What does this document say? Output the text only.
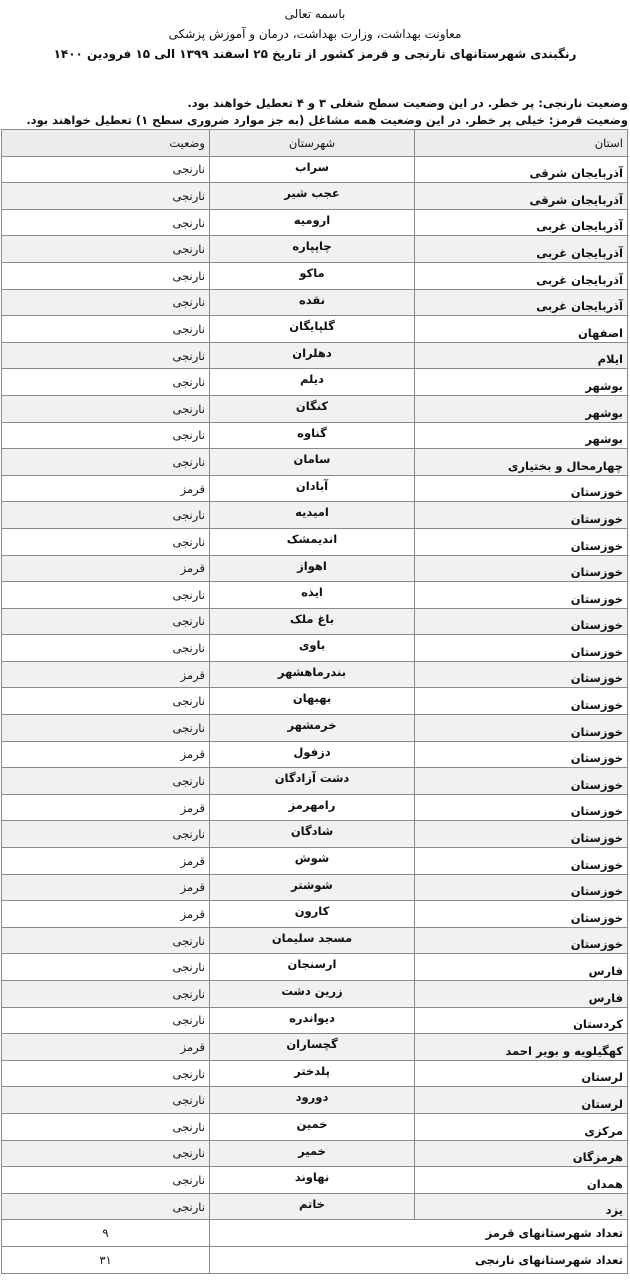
باسمه تعالی
معاونت بهداشت، وزارت بهداشت، درمان و آموزش پزشکی
رنگبندی شهرستانهای نارنجی و قرمز کشور از تاریخ ۲۵ اسفند ۱۳۹۹ الی ۱۵ فرودین ۱۴۰۰
وضعیت نارنجی: پر خطر. در این وضعیت سطح شغلی ۳ و ۴ تعطیل خواهند بود.
وضعیت قرمز: خیلی پر خطر. در این وضعیت همه مشاغل (به جز موارد ضروری سطح ۱) تعطیل خواهند بود.
استان	شهرستان	وضعیت
آذربایجان شرقی	سراب	نارنجی
آذربایجان شرقی	عجب شیر	نارنجی
آذربایجان غربی	ارومیه	نارنجی
آذربایجان غربی	چاپپاره	نارنجی
آذربایجان غربی	ماکو	نارنجی
آذربایجان غربی	نقده	نارنجی
اصفهان	گلپایگان	نارنجی
ایلام	دهلران	نارنجی
بوشهر	دیلم	نارنجی
بوشهر	کنگان	نارنجی
بوشهر	گناوه	نارنجی
چهارمحال و بختیاری	سامان	نارنجی
خوزستان	آبادان	قرمز
خوزستان	امیدیه	نارنجی
خوزستان	اندیمشک	نارنجی
خوزستان	اهواز	قرمز
خوزستان	ایذه	نارنجی
خوزستان	باغ ملک	نارنجی
خوزستان	باوی	نارنجی
خوزستان	بندرماهشهر	قرمز
خوزستان	بهبهان	نارنجی
خوزستان	خرمشهر	نارنجی
خوزستان	دزفول	قرمز
خوزستان	دشت آزادگان	نارنجی
خوزستان	رامهرمز	قرمز
خوزستان	شادگان	نارنجی
خوزستان	شوش	قرمز
خوزستان	شوشتر	قرمز
خوزستان	کارون	قرمز
خوزستان	مسجد سلیمان	نارنجی
فارس	ارسنجان	نارنجی
فارس	زرین دشت	نارنجی
کردستان	دیواندره	نارنجی
کهگیلویه و بویر احمد	گچساران	قرمز
لرستان	پلدختر	نارنجی
لرستان	دورود	نارنجی
مرکزی	خمین	نارنجی
هرمزگان	خمیر	نارنجی
همدان	نهاوند	نارنجی
یزد	خاتم	نارنجی
تعداد شهرستانهای قرمز		۹
تعداد شهرستانهای نارنجی		۳۱
